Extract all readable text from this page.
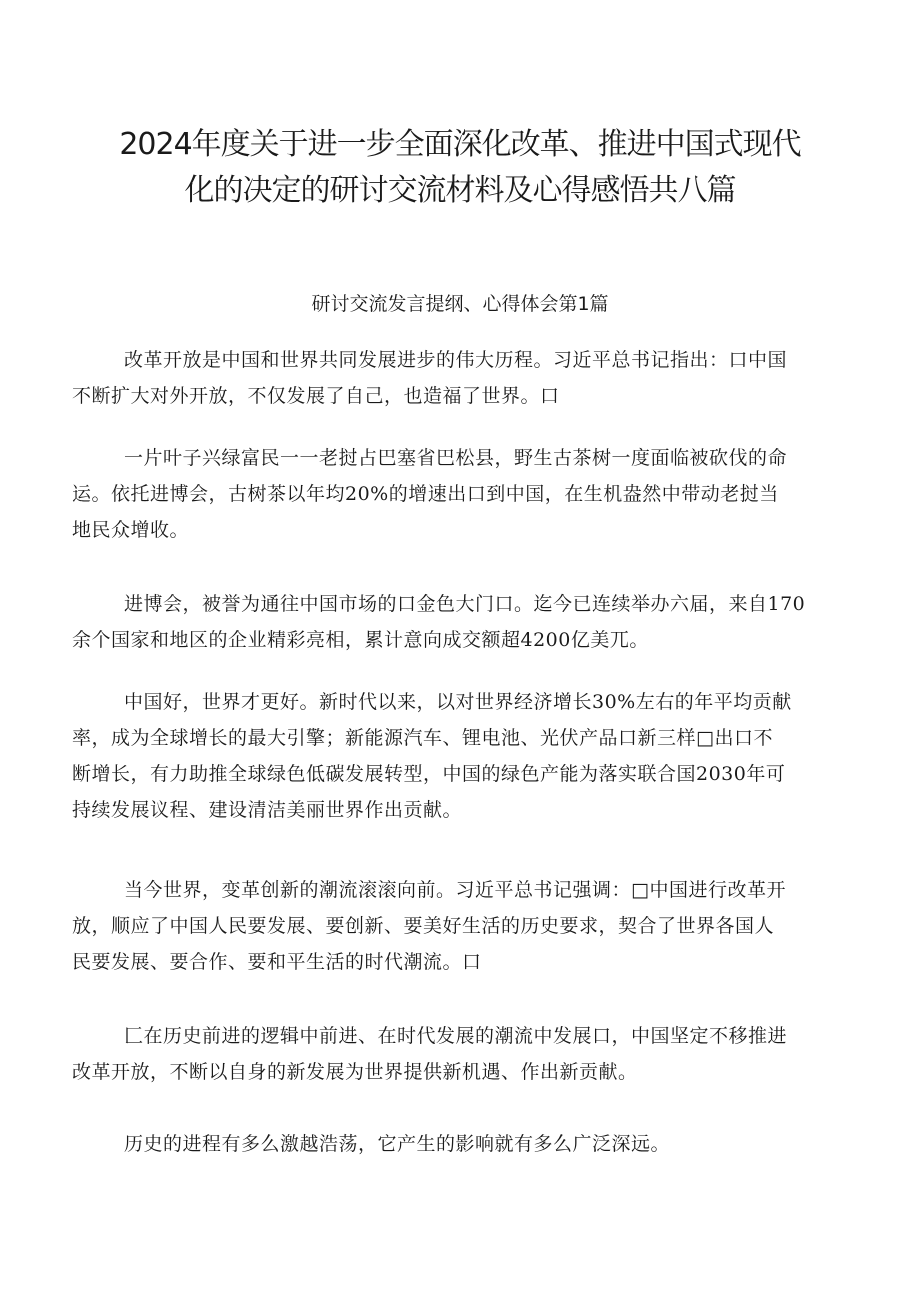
2024年度关于进一步全面深化改革、推进中国式现代
化的决定的研讨交流材料及心得感悟共八篇
研讨交流发言提纲、心得体会第1篇

改革开放是中国和世界共同发展进步的伟大历程。习近平总书记指出：口中国
不断扩大对外开放，不仅发展了自己，也造福了世界。口

一片叶子兴绿富民一一老挝占巴塞省巴松县，野生古茶树一度面临被砍伐的命
运。依托进博会，古树茶以年均20%的增速出口到中国，在生机盎然中带动老挝当
地民众增收。

进博会，被誉为通往中国市场的口金色大门口。迄今已连续举办六届，来自170
余个国家和地区的企业精彩亮相，累计意向成交额超4200亿美兀。

中国好，世界才更好。新时代以来，以对世界经济增长30%左右的年平均贡献
率，成为全球增长的最大引擎；新能源汽车、锂电池、光伏产品口新三样□出口不
断增长，有力助推全球绿色低碳发展转型，中国的绿色产能为落实联合国2030年可
持续发展议程、建设清洁美丽世界作出贡献。

当今世界，变革创新的潮流滚滚向前。习近平总书记强调：□中国进行改革开
放，顺应了中国人民要发展、要创新、要美好生活的历史要求，契合了世界各国人
民要发展、要合作、要和平生活的时代潮流。口

匚在历史前进的逻辑中前进、在时代发展的潮流中发展口，中国坚定不移推进
改革开放，不断以自身的新发展为世界提供新机遇、作出新贡献。

历史的进程有多么激越浩荡，它产生的影响就有多么广泛深远。
